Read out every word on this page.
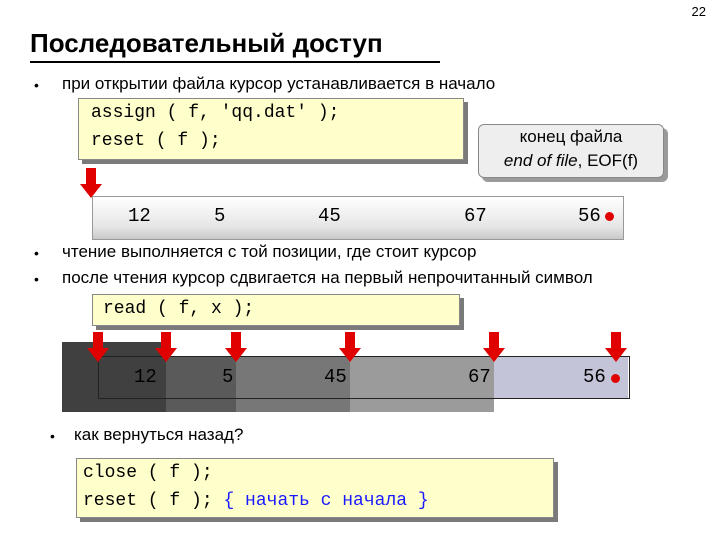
22
Последовательный доступ
• при открытии файла курсор устанавливается в начало
assign ( f, 'qq.dat' );
reset ( f );	конец файла
end of file, EOF(f)
12	5	45	67	56
• чтение выполняется с той позиции, где стоит курсор
• после чтения курсор сдвигается на первый непрочитанный символ
read ( f, x );
12	5	45	67	56
• как вернуться назад?
close ( f );
reset ( f ); { начать с начала }
